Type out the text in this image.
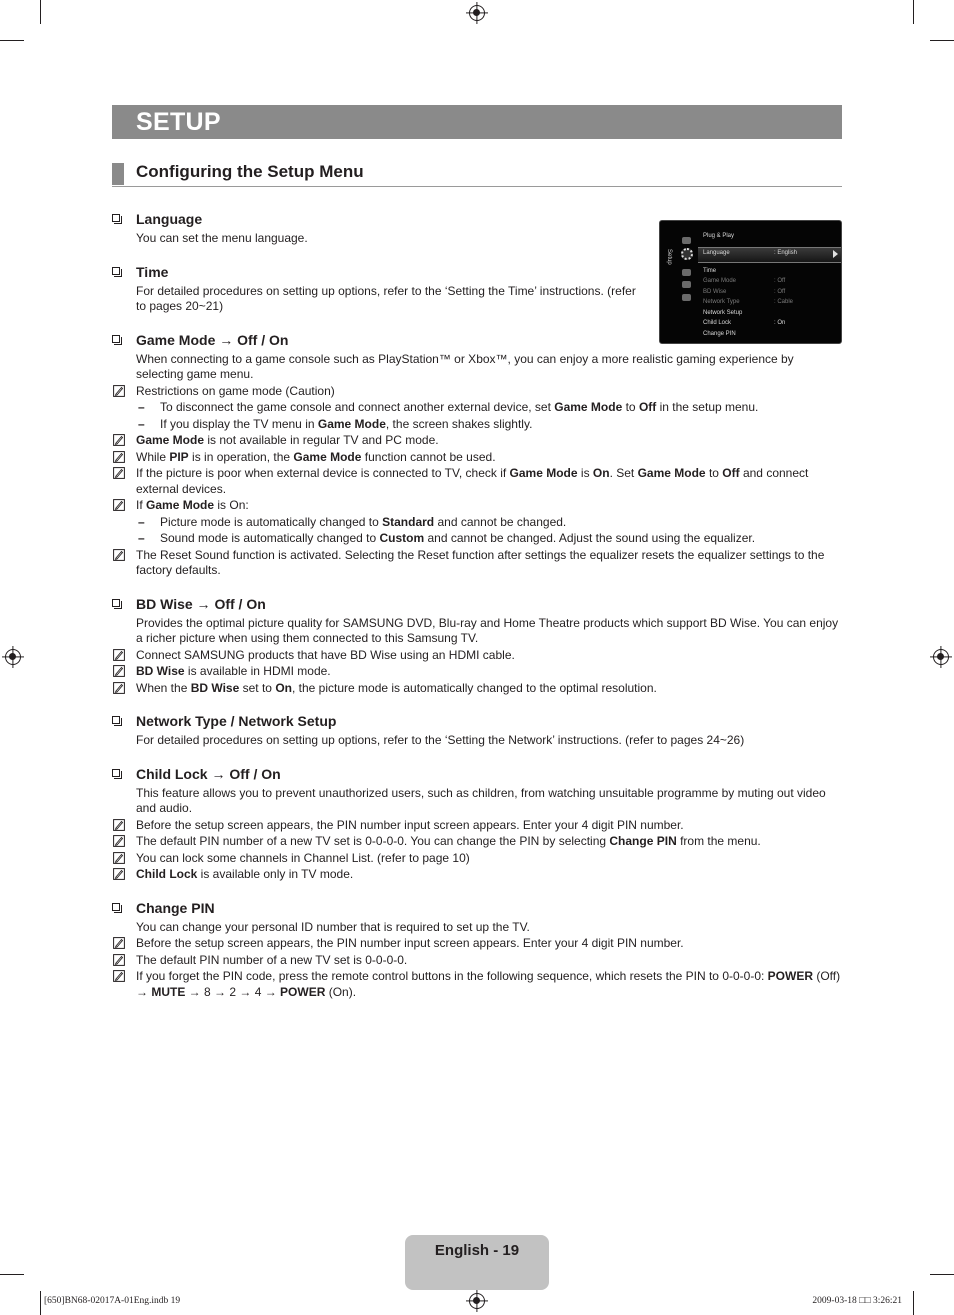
SETUP
Configuring the Setup Menu
Setup
Plug & Play
Language	: English
Time
Game Mode	: Off
BD Wise	: Off
Network Type	: Cable
Network Setup
Child Lock	: On
Change PIN
Language

You can set the menu language.

Time

For detailed procedures on setting up options, refer to the ‘Setting the Time’ instructions. (refer to pages 20~21)

Game Mode → Off / On

When connecting to a game console such as PlayStation™ or Xbox™, you can enjoy a more realistic gaming experience by selecting game menu.

Restrictions on game mode (Caution)
– To disconnect the game console and connect another external device, set Game Mode to Off in the setup menu.
– If you display the TV menu in Game Mode, the screen shakes slightly.
Game Mode is not available in regular TV and PC mode.
While PIP is in operation, the Game Mode function cannot be used.
If the picture is poor when external device is connected to TV, check if Game Mode is On. Set Game Mode to Off and connect external devices.
If Game Mode is On:
– Picture mode is automatically changed to Standard and cannot be changed.
– Sound mode is automatically changed to Custom and cannot be changed. Adjust the sound using the equalizer.
The Reset Sound function is activated. Selecting the Reset function after settings the equalizer resets the equalizer settings to the factory defaults.
BD Wise → Off / On

Provides the optimal picture quality for SAMSUNG DVD, Blu-ray and Home Theatre products which support BD Wise. You can enjoy a richer picture when using them connected to this Samsung TV.

Connect SAMSUNG products that have BD Wise using an HDMI cable.
BD Wise is available in HDMI mode.
When the BD Wise set to On, the picture mode is automatically changed to the optimal resolution.
Network Type / Network Setup

For detailed procedures on setting up options, refer to the ‘Setting the Network’ instructions. (refer to pages 24~26)

Child Lock → Off / On

This feature allows you to prevent unauthorized users, such as children, from watching unsuitable programme by muting out video and audio.

Before the setup screen appears, the PIN number input screen appears. Enter your 4 digit PIN number.
The default PIN number of a new TV set is 0-0-0-0. You can change the PIN by selecting Change PIN from the menu.
You can lock some channels in Channel List. (refer to page 10)
Child Lock is available only in TV mode.
Change PIN

You can change your personal ID number that is required to set up the TV.

Before the setup screen appears, the PIN number input screen appears. Enter your 4 digit PIN number.
The default PIN number of a new TV set is 0-0-0-0.
If you forget the PIN code, press the remote control buttons in the following sequence, which resets the PIN to 0-0-0-0: POWER (Off) → MUTE → 8 → 2 → 4 → POWER (On).
English - 19
[650]BN68-02017A-01Eng.indb 19	2009-03-18 □□ 3:26:21
